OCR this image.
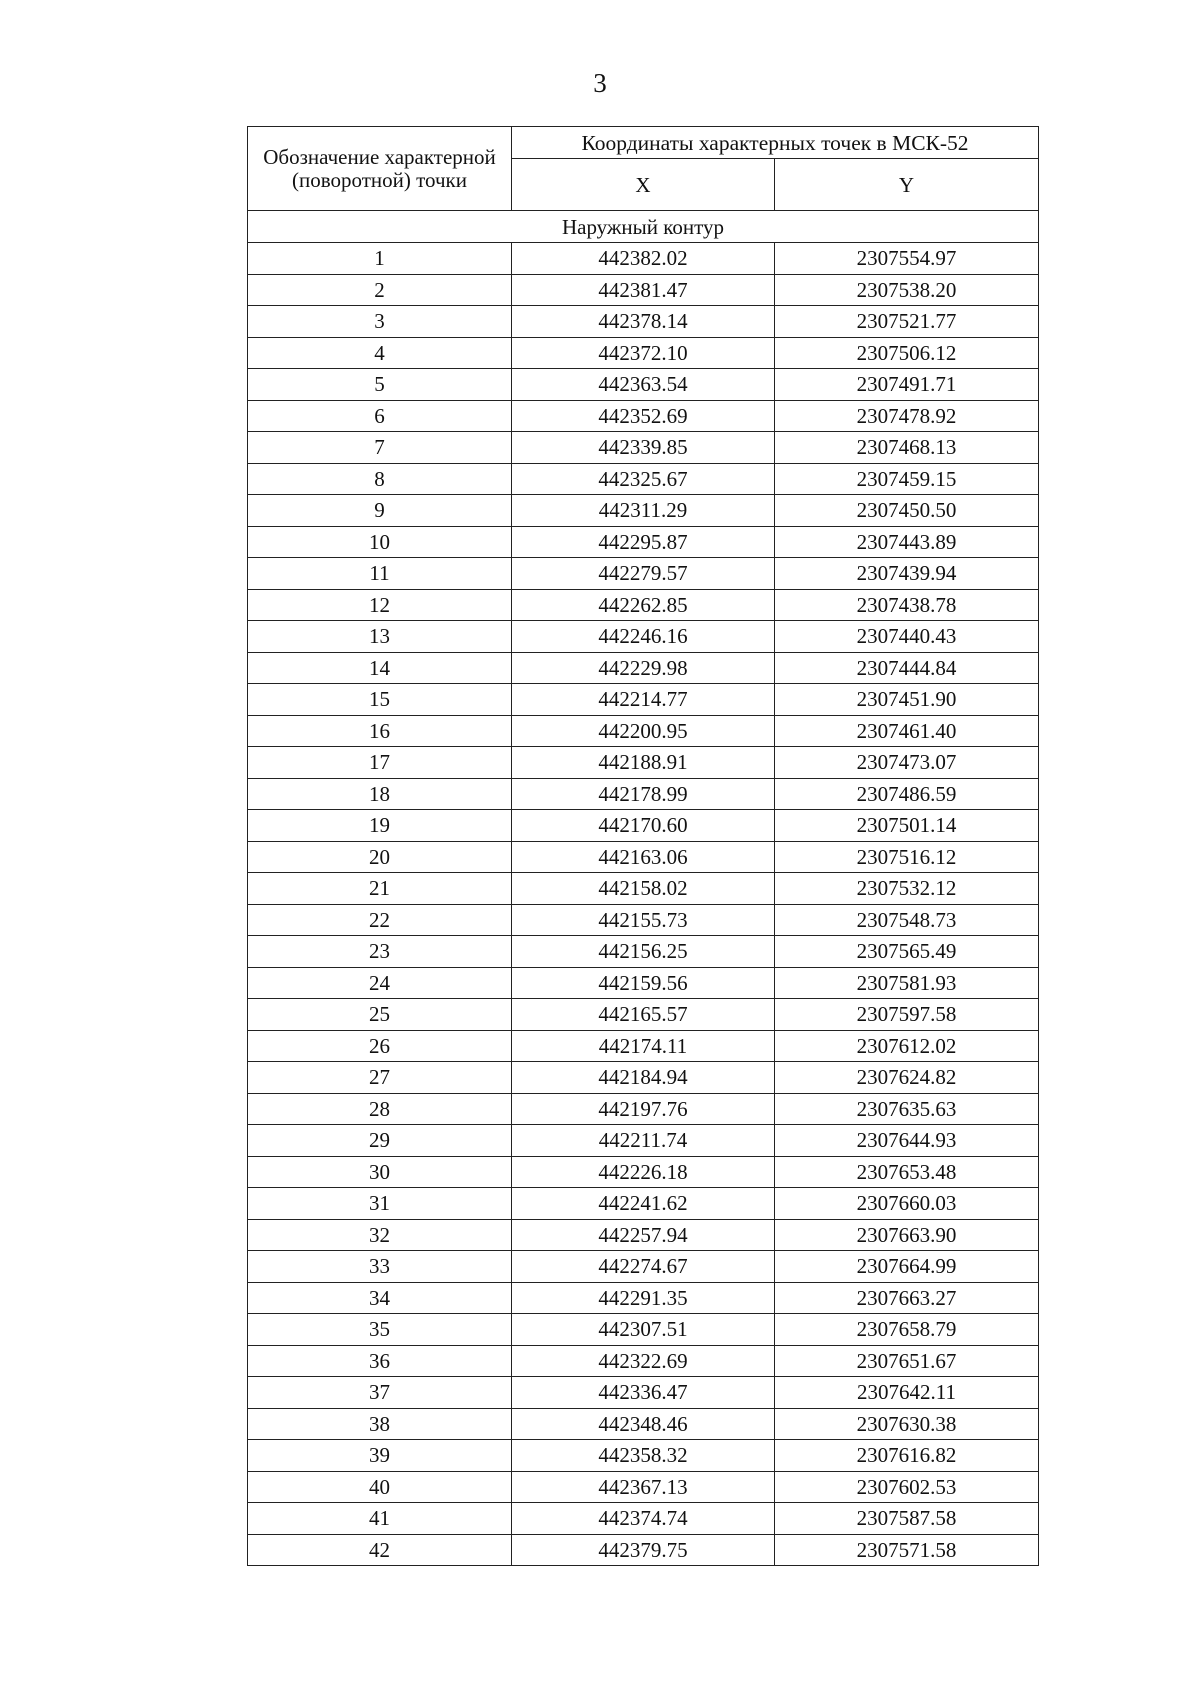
3
Обозначение характерной (поворотной) точки	Координаты характерных точек в МСК-52	
	X	Y
Наружный контур		
1	442382.02	2307554.97
2	442381.47	2307538.20
3	442378.14	2307521.77
4	442372.10	2307506.12
5	442363.54	2307491.71
6	442352.69	2307478.92
7	442339.85	2307468.13
8	442325.67	2307459.15
9	442311.29	2307450.50
10	442295.87	2307443.89
11	442279.57	2307439.94
12	442262.85	2307438.78
13	442246.16	2307440.43
14	442229.98	2307444.84
15	442214.77	2307451.90
16	442200.95	2307461.40
17	442188.91	2307473.07
18	442178.99	2307486.59
19	442170.60	2307501.14
20	442163.06	2307516.12
21	442158.02	2307532.12
22	442155.73	2307548.73
23	442156.25	2307565.49
24	442159.56	2307581.93
25	442165.57	2307597.58
26	442174.11	2307612.02
27	442184.94	2307624.82
28	442197.76	2307635.63
29	442211.74	2307644.93
30	442226.18	2307653.48
31	442241.62	2307660.03
32	442257.94	2307663.90
33	442274.67	2307664.99
34	442291.35	2307663.27
35	442307.51	2307658.79
36	442322.69	2307651.67
37	442336.47	2307642.11
38	442348.46	2307630.38
39	442358.32	2307616.82
40	442367.13	2307602.53
41	442374.74	2307587.58
42	442379.75	2307571.58
